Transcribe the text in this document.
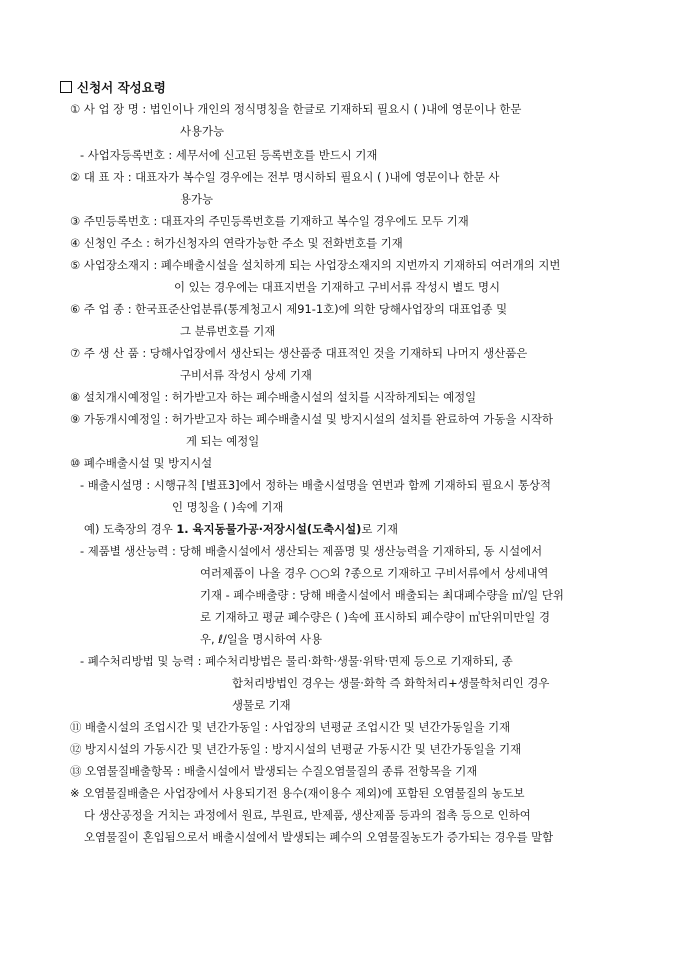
신청서 작성요령
① 사 업 장 명 : 법인이나 개인의 정식명칭을 한글로 기재하되 필요시 ( )내에 영문이나 한문
사용가능
- 사업자등록번호 : 세무서에 신고된 등록번호를 반드시 기재
② 대 표 자 : 대표자가 복수일 경우에는 전부 명시하되 필요시 ( )내에 영문이나 한문 사
용가능
③ 주민등록번호 : 대표자의 주민등록번호를 기재하고 복수일 경우에도 모두 기재
④ 신청인 주소 : 허가신청자의 연락가능한 주소 및 전화번호를 기재
⑤ 사업장소재지 : 폐수배출시설을 설치하게 되는 사업장소재지의 지번까지 기재하되 여러개의 지번
이 있는 경우에는 대표지번을 기재하고 구비서류 작성시 별도 명시
⑥ 주 업 종 : 한국표준산업분류(통계청고시 제91-1호)에 의한 당해사업장의 대표업종 및
그 분류번호를 기재
⑦ 주 생 산 품 : 당해사업장에서 생산되는 생산품중 대표적인 것을 기재하되 나머지 생산품은
구비서류 작성시 상세 기재
⑧ 설치개시예정일 : 허가받고자 하는 폐수배출시설의 설치를 시작하게되는 예정일
⑨ 가동개시예정일 : 허가받고자 하는 폐수배출시설 및 방지시설의 설치를 완료하여 가동을 시작하
게 되는 예정일
⑩ 폐수배출시설 및 방지시설
- 배출시설명 : 시행규칙 [별표3]에서 정하는 배출시설명을 연번과 함께 기재하되 필요시 통상적
인 명칭을 ( )속에 기재
예) 도축장의 경우 1. 육지동물가공·저장시설(도축시설)로 기재
- 제품별 생산능력 : 당해 배출시설에서 생산되는 제품명 및 생산능력을 기재하되, 동 시설에서
여러제품이 나올 경우 ○○외 ?종으로 기재하고 구비서류에서 상세내역
기재 - 폐수배출량 : 당해 배출시설에서 배출되는 최대폐수량을 ㎥/일 단위
로 기재하고 평균 폐수량은 ( )속에 표시하되 폐수량이 ㎥단위미만일 경
우, ℓ/일을 명시하여 사용
- 폐수처리방법 및 능력 : 폐수처리방법은 물리·화학·생물·위탁·면제 등으로 기재하되, 종
합처리방법인 경우는 생물·화학 즉 화학처리+생물학처리인 경우
생물로 기재
⑪ 배출시설의 조업시간 및 년간가동일 : 사업장의 년평균 조업시간 및 년간가동일을 기재
⑫ 방지시설의 가동시간 및 년간가동일 : 방지시설의 년평균 가동시간 및 년간가동일을 기재
⑬ 오염물질배출항목 : 배출시설에서 발생되는 수질오염물질의 종류 전항목을 기재
※ 오염물질배출은 사업장에서 사용되기전 용수(재이용수 제외)에 포함된 오염물질의 농도보
다 생산공정을 거치는 과정에서 원료, 부원료, 반제품, 생산제품 등과의 접촉 등으로 인하여
오염물질이 혼입됨으로서 배출시설에서 발생되는 폐수의 오염물질농도가 증가되는 경우를 말함
